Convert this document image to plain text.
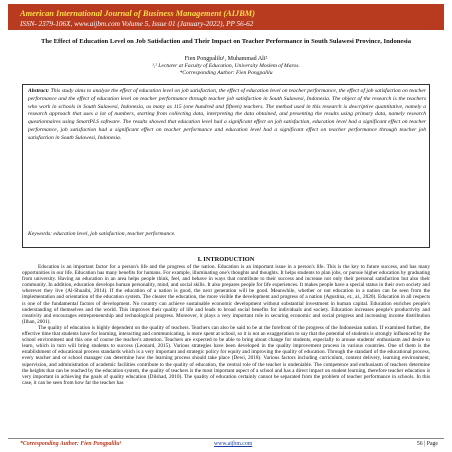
American International Journal of Business Management (AIJBM)
ISSN- 2379-106X, www.aijbm.com Volume 5, Issue 01 (January-2022), PP 56-62
The Effect of Education Level on Job Satisfaction and Their Impact on Teacher Performance in South Sulawesi Province, Indonesia
Fien Pongpalilu¹, Muhammad Ali²
¹,² Lecturer at Faculty of Education, University Moslem of Maros.
*Corresponding Author: Fien Pongpalilu
Abstract: This study aims to analyze the effect of education level on job satisfaction, the effect of education level on teacher performance, the effect of job satisfaction on teacher performance and the effect of education level on teacher performance through teacher job satisfaction in South Sulawesi, Indonesia. The object of the research is the teachers who work in schools in South Sulawesi, Indonesia, as many as 115 (one hundred and fifteen) teachers. The method used in this research is descriptive quantitative, namely a research approach that uses a lot of numbers, starting from collecting data, interpreting the data obtained, and presenting the results using primary data, namely research questionnaires using SmartPLS software. The results showed that education level had a significant effect on job satisfaction, education level had a significant effect on teacher performance, job satisfaction had a significant effect on teacher performance and education level had a significant effect on teacher performance through teacher job satisfaction in South Sulawesi, Indonesia.
Keywords: education level, job satisfaction, teacher performance.
I. INTRODUCTION

Education is an important factor for a person's life and the progress of the nation. Education is an important issue in a person's life. This is the key to future success, and has many opportunities in our life. Education has many benefits for humans. For example, illuminating one's thoughts and thoughts. It helps students to plan jobs, or pursue higher education by graduating from university. Having an education in an area helps people think, feel, and behave in ways that contribute to their success and increase not only their personal satisfaction but also their community. In addition, education develops human personality, mind, and social skills. It also prepares people for life experiences. It makes people have a special status in their own society and wherever they live (Al-Shuaibi, 2014). If the education of a nation is good, the next generation will be good. Meanwhile, whether or not education in a nation can be seen from the implementation and orientation of the education system. The clearer the education, the more visible the development and progress of a nation (Agustina, et., al., 2020). Education in all respects is one of the fundamental factors of development. No country can achieve sustainable economic development without substantial investment in human capital. Education enriches people's understanding of themselves and the world. This improves their quality of life and leads to broad social benefits for individuals and society. Education increases people's productivity and creativity and encourages entrepreneurship and technological progress. Moreover, it plays a very important role in securing economic and social progress and increasing income distribution (Ilhan, 2001).

The quality of education is highly dependent on the quality of teachers. Teachers can also be said to be at the forefront of the progress of the Indonesian nation. If examined further, the effective time that students have for learning, interacting and communicating, is more spent at school, so it is not an exaggeration to say that the potential of students is strongly influenced by the school environment and this one of course the teacher's attention. Teachers are expected to be able to bring about change for students, especially to arouse students' enthusiasm and desire to learn, which in turn will bring students to success (Leonard, 2015). Various strategies have been developed in the quality improvement process in various countries. One of them is the establishment of educational process standards which is a very important and strategic policy for equity and improving the quality of education. Through the standard of the educational process, every teacher and or school manager can determine how the learning process should take place (Dewi, 2018). Various factors including curriculum, content delivery, learning environment, supervision, and administration of academic facilities contribute to the quality of education, the central role of the teacher is undeniable. The competence and enthusiasm of teachers determine the heights that can be reached by the education system, the quality of teachers is the most important aspect of a school and has a direct impact on student learning, therefore teacher education is very important in achieving the goals of quality education (Dilshad, 2010). The quality of education certainly cannot be separated from the problem of teacher performance in schools. In this case, it can be seen from how far the teacher has

*Corresponding Author: Fien Pongpalilu¹	www.aijbm.com	56 | Page
